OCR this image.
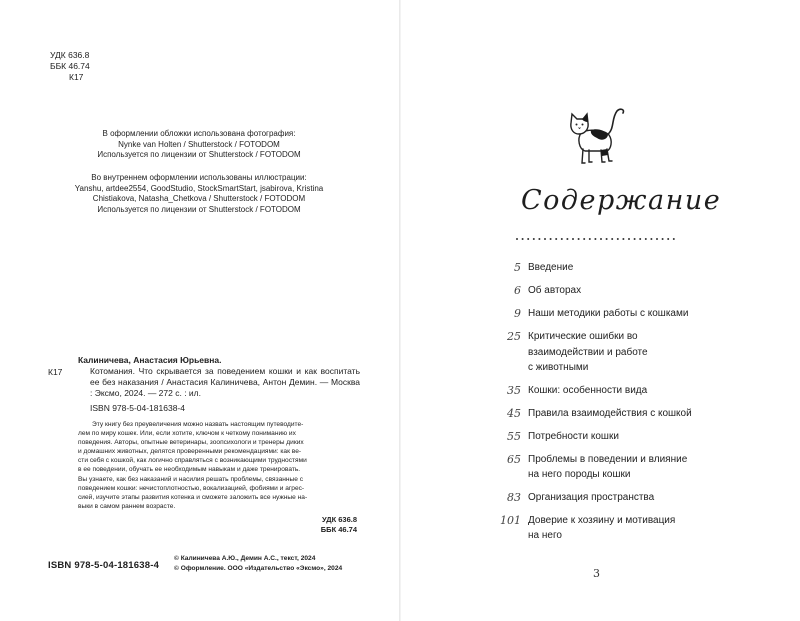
УДК 636.8
ББК 46.74
К17
В оформлении обложки использована фотография:
Nynke van Holten / Shutterstock / FOTODOM
Используется по лицензии от Shutterstock / FOTODOM
Во внутреннем оформлении использованы иллюстрации:
Yanshu, artdee2554, GoodStudio, StockSmartStart, jsabirova, Kristina
Chistiakova, Natasha_Chetkova / Shutterstock / FOTODOM
Используется по лицензии от Shutterstock / FOTODOM
К17
Калиничева, Анастасия Юрьевна.
Котомания. Что скрывается за поведением кошки и как воспитать ее без наказания / Анастасия Калиничева, Антон Демин. — Москва : Эксмо, 2024. — 272 с. : ил.
ISBN 978-5-04-181638-4
Эту книгу без преувеличения можно назвать настоящим путеводите-
лем по миру кошек. Или, если хотите, ключом к четкому пониманию их
поведения. Авторы, опытные ветеринары, зоопсихологи и тренеры диких
и домашних животных, делятся проверенными рекомендациями: как ве-
сти себя с кошкой, как логично справляться с возникающими трудностями
в ее поведении, обучать ее необходимым навыкам и даже тренировать.
Вы узнаете, как без наказаний и насилия решать проблемы, связанные с
поведением кошки: нечистоплотностью, вокализацией, фобиями и агрес-
сией, изучите этапы развития котенка и сможете заложить все нужные на-
выки в самом раннем возрасте.
УДК 636.8
ББК 46.74
ISBN 978-5-04-181638-4
© Калиничева А.Ю., Демин А.С., текст, 2024
© Оформление. ООО «Издательство «Эксмо», 2024
Содержание
5 Введение
6 Об авторах
9 Наши методики работы с кошками
25 Критические ошибки во
взаимодействии и работе
с животными
35 Кошки: особенности вида
45 Правила взаимодействия с кошкой
55 Потребности кошки
65 Проблемы в поведении и влияние
на него породы кошки
83 Организация пространства
101 Доверие к хозяину и мотивация
на него
3
